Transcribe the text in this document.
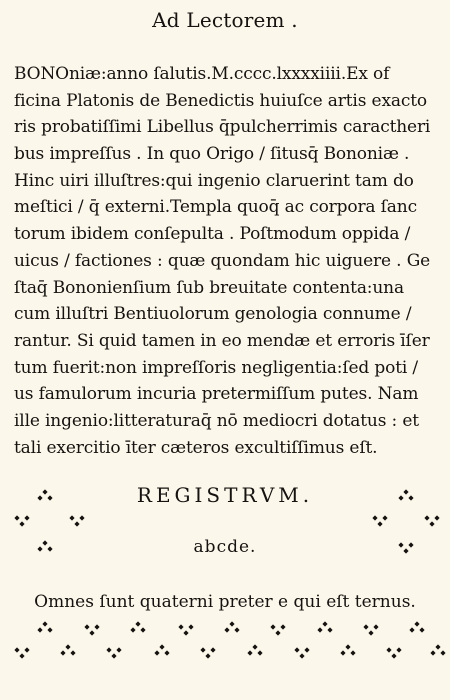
Ad Lectorem .
BONOniæ:anno ſalutis.M.cccc.lxxxxiiii.Ex of
ficina Platonis de Benedictis huiuſce artis exacto
ris probatiſſimi Libellus q̄pulcherrimis caractheri
bus impreſſus . In quo Origo / ſitusq̄ Bononiæ .
Hinc uiri illuſtres:qui ingenio claruerint tam do
meſtici / q̄ externi.Templa quoq̄ ac corpora ſanc
torum ibidem conſepulta . Poſtmodum oppida /
uicus / factiones : quæ quondam hic uiguere . Ge
ſtaq̄ Bononienſium ſub breuitate contenta:una
cum illuſtri Bentiuolorum genologia connume /
rantur. Si quid tamen in eo mendæ et erroris īſer
tum fuerit:non impreſſoris negligentia:ſed poti /
us famulorum incuria pretermiſſum putes. Nam
ille ingenio:litteraturaq̄ nō mediocri dotatus : et
tali exercitio īter cæteros excultiſſimus eſt.
REGISTRVM.
abcde.
Omnes ſunt quaterni preter e qui eſt ternus.
